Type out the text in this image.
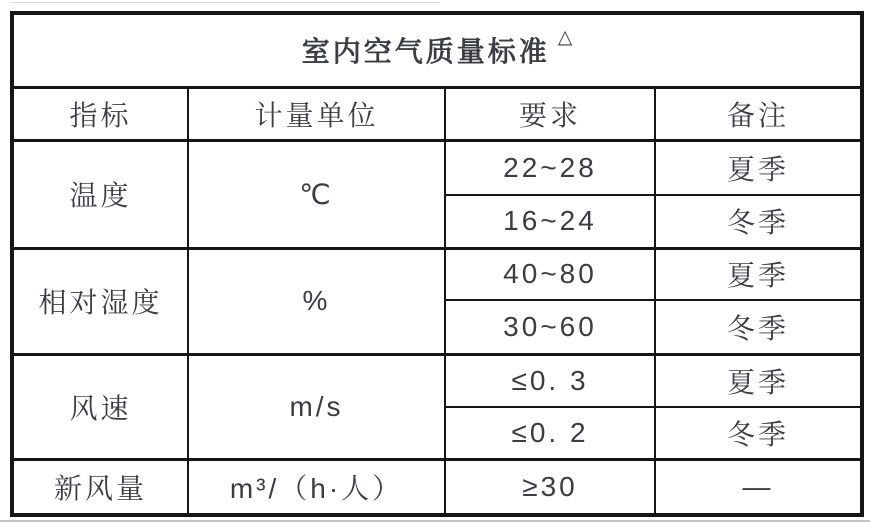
室内空气质量标准 △
指标	计量单位	要求	备注
温度	℃	22~28	夏季
		16~24	冬季
相对湿度	%	40~80	夏季
		30~60	冬季
风速	m/s	≤0. 3	夏季
		≤0. 2	冬季
新风量	m³/（h·人）	≥30	—
